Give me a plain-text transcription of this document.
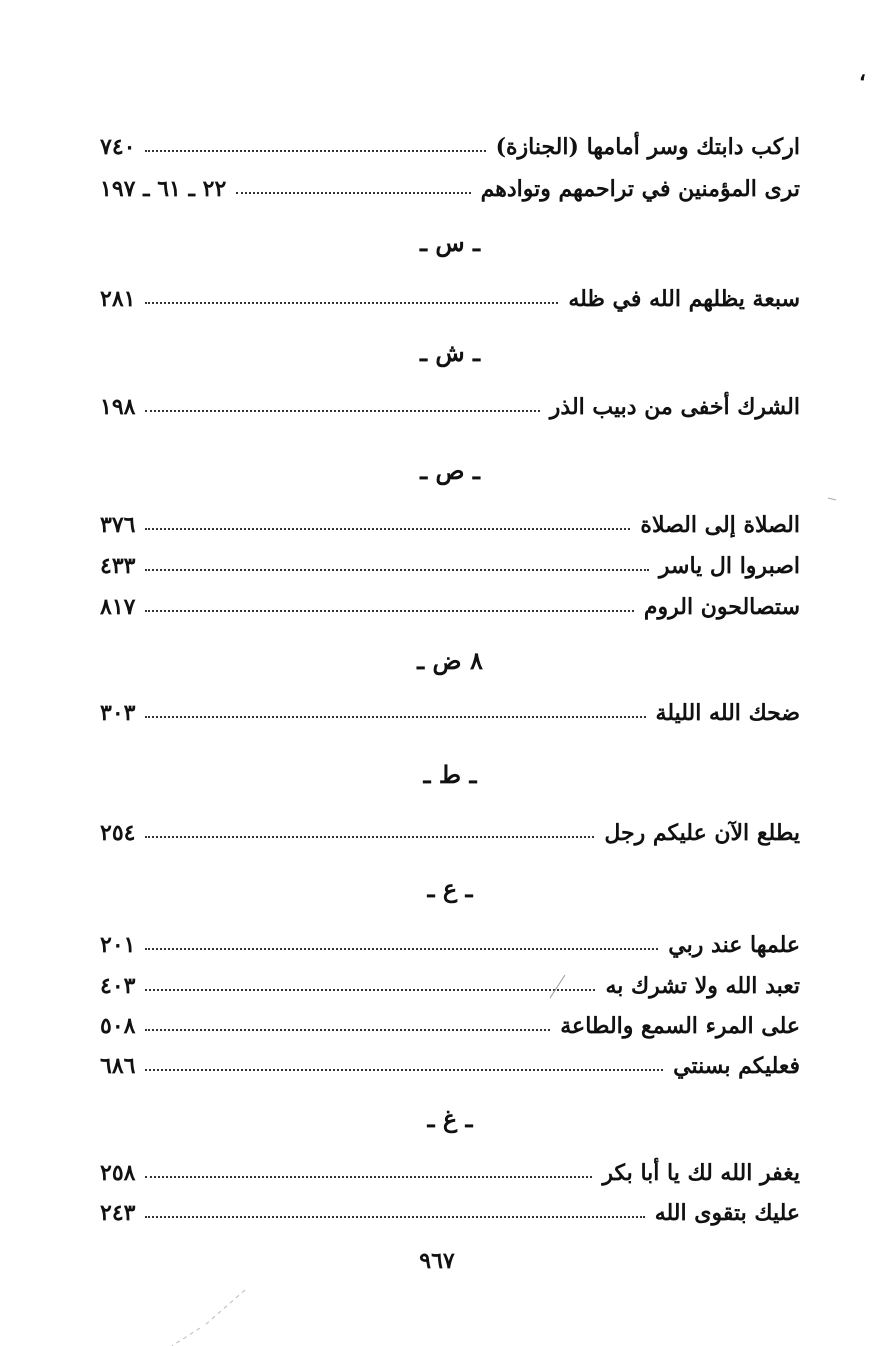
،
اركب دابتك وسر أمامها (الجنازة)
٧٤٠
ترى المؤمنين في تراحمهم وتوادهم
٢٢ ـ ٦١ ـ ١٩٧
ـ س ـ
سبعة يظلهم الله في ظله
٢٨١
ـ ش ـ
الشرك أخفى من دبيب الذر
١٩٨
ـ ص ـ
الصلاة إلى الصلاة
٣٧٦
اصبروا ال ياسر
٤٣٣
ستصالحون الروم
٨١٧
٨ ض ـ
ضحك الله الليلة
٣٠٣
ـ ط ـ
يطلع الآن عليكم رجل
٢٥٤
ـ ع ـ
علمها عند ربي
٢٠١
تعبد الله ولا تشرك به
٤٠٣
على المرء السمع والطاعة
٥٠٨
فعليكم بسنتي
٦٨٦
ـ غ ـ
يغفر الله لك يا أبا بكر
٢٥٨
عليك بتقوى الله
٢٤٣
٩٦٧
